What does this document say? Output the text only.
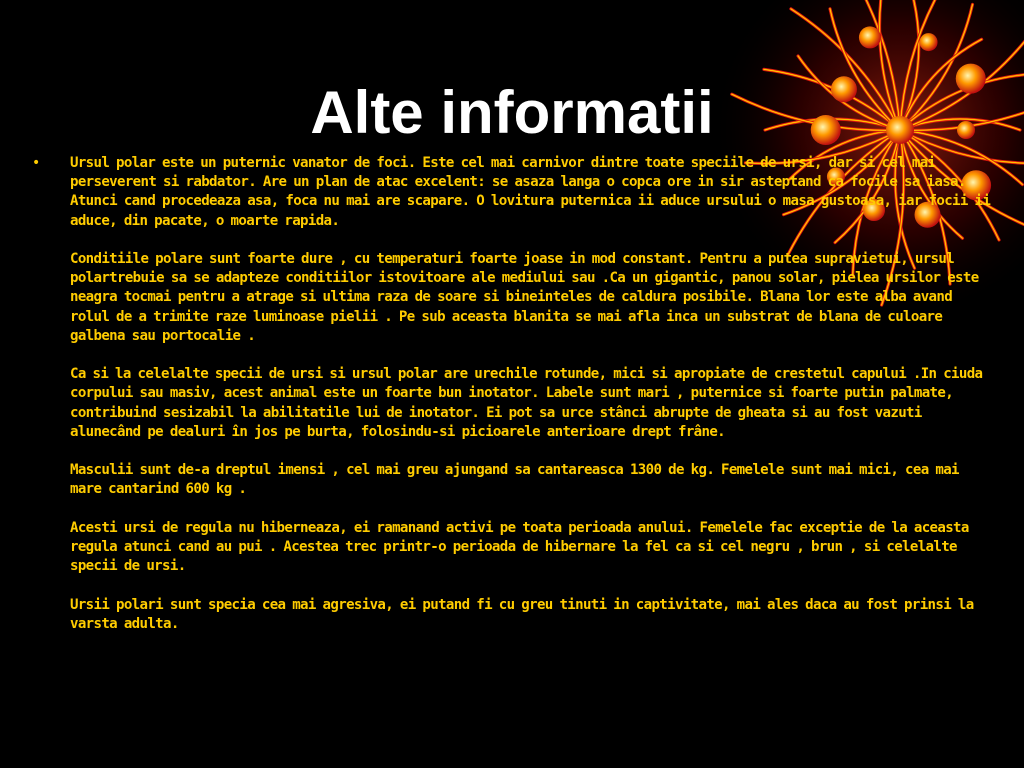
Alte informatii
• Ursul polar este un puternic vanator de foci. Este cel mai carnivor dintre toate speciile de ursi, dar si cel mai perseverent si rabdator. Are un plan de atac excelent: se asaza langa o copca ore in sir asteptand ca focile sa iasa. Atunci cand procedeaza asa, foca nu mai are scapare. O lovitura puternica ii aduce ursului o masa gustoasa, iar focii ii aduce, din pacate, o moarte rapida.

Conditiile polare sunt foarte dure , cu temperaturi foarte joase in mod constant. Pentru a putea supravietui, ursul polartrebuie sa se adapteze conditiilor istovitoare ale mediului sau .Ca un gigantic, panou solar, pielea ursilor este neagra tocmai pentru a atrage si ultima raza de soare si bineinteles de caldura posibile. Blana lor este alba avand rolul de a trimite raze luminoase pielii . Pe sub aceasta blanita se mai afla inca un substrat de blana de culoare galbena sau portocalie .

Ca si la celelalte specii de ursi si ursul polar are urechile rotunde, mici si apropiate de crestetul capului .In ciuda corpului sau masiv, acest animal este un foarte bun inotator. Labele sunt mari , puternice si foarte putin palmate, contribuind sesizabil la abilitatile lui de inotator. Ei pot sa urce stânci abrupte de gheata si au fost vazuti alunecând pe dealuri în jos pe burta, folosindu-si picioarele anterioare drept frâne.

Masculii sunt de-a dreptul imensi , cel mai greu ajungand sa cantareasca 1300 de kg. Femelele sunt mai mici, cea mai mare cantarind 600 kg .

Acesti ursi de regula nu hiberneaza, ei ramanand activi pe toata perioada anului. Femelele fac exceptie de la aceasta regula atunci cand au pui . Acestea trec printr-o perioada de hibernare la fel ca si cel negru , brun , si celelalte specii de ursi.

Ursii polari sunt specia cea mai agresiva, ei putand fi cu greu tinuti in captivitate, mai ales daca au fost prinsi la varsta adulta.
